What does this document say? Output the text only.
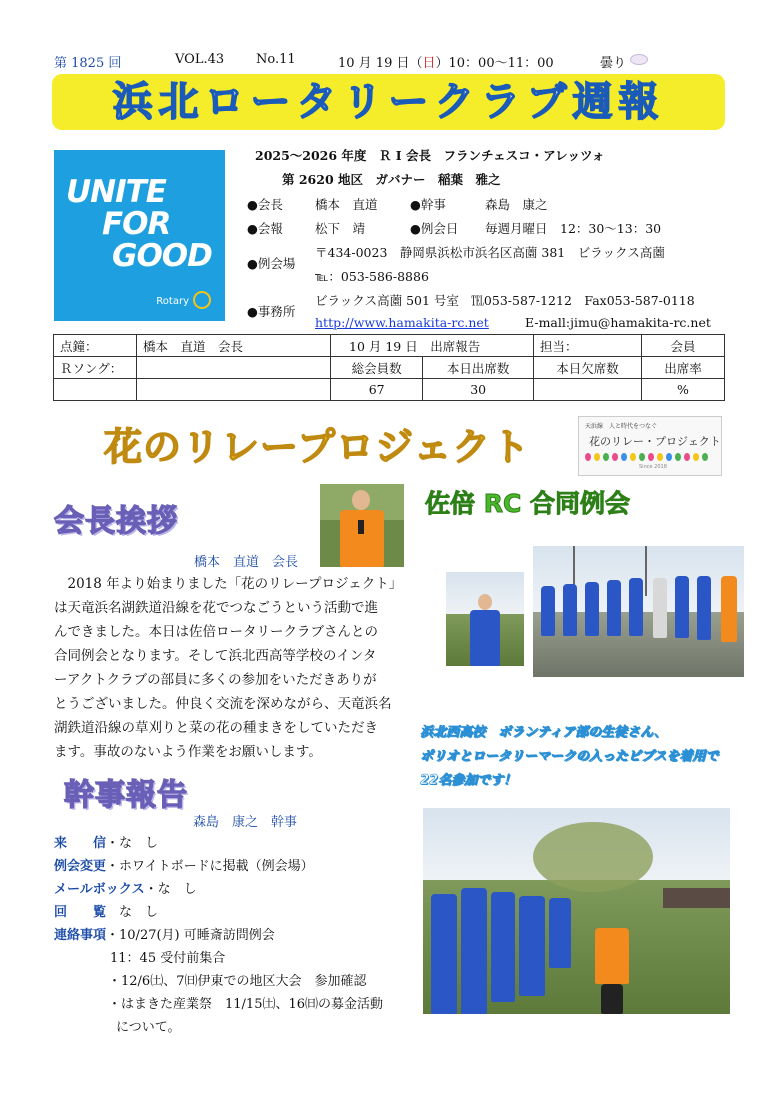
第 1825 回	VOL.43 No.11	10 月 19 日（日）10：00～11：00	曇り
浜北ロータリークラブ週報
UNITE
FOR
GOOD
Rotary
2025～2026 年度　Ｒ I 会長　フランチェスコ・アレッツォ
第 2620 地区　ガバナー　稲葉　雅之
●会長	橋本　直道	●幹事	森島　康之
●会報	松下　靖	●例会日 毎週月曜日　12：30～13：30
●例会場
〒434-0023　静岡県浜松市浜名区高薗 381　ビラックス高薗
℡：053-586-8886
●事務所
ビラックス高薗 501 号室　℡053-587-1212　Fax053-587-0118
http://www.hamakita-rc.net	E-mall:jimu@hamakita-rc.net
点鐘：	橋本　直道　会長	10 月 19 日　出席報告		担当：	会員
Ｒソング：		総会員数	本日出席数	本日欠席数	出席率
		67	30		%
花のリレープロジェクト	天浜線　人と時代をつなぐ
花のリレー・プロジェクト
Since 2018
会長挨拶
橋本　直道　会長
　2018 年より始まりました「花のリレープロジェクト」
は天竜浜名湖鉄道沿線を花でつなごうという活動で進
んできました。本日は佐倍ロータリークラブさんとの
合同例会となります。そして浜北西高等学校のインタ
ーアクトクラブの部員に多くの参加をいただきありが
とうございました。仲良く交流を深めながら、天竜浜名
湖鉄道沿線の草刈りと菜の花の種まきをしていただき
ます。事故のないよう作業をお願いします。
幹事報告
森島　康之　幹事
来　　信・な　し
例会変更・ホワイトボードに掲載（例会場）
メールボックス・な　し
回　　覧　 な　し
連絡事項・10/27(月) 可睡斎訪問例会
11：45 受付前集合
・12/6㈯、7㈰伊東での地区大会　参加確認
・はまきた産業祭　11/15㈯、16㈰の募金活動
について。
佐倍 RC 合同例会
浜北西高校　ボランティア部の生徒さん、
ポリオとロータリーマークの入ったビブスを着用で
22名参加です！
